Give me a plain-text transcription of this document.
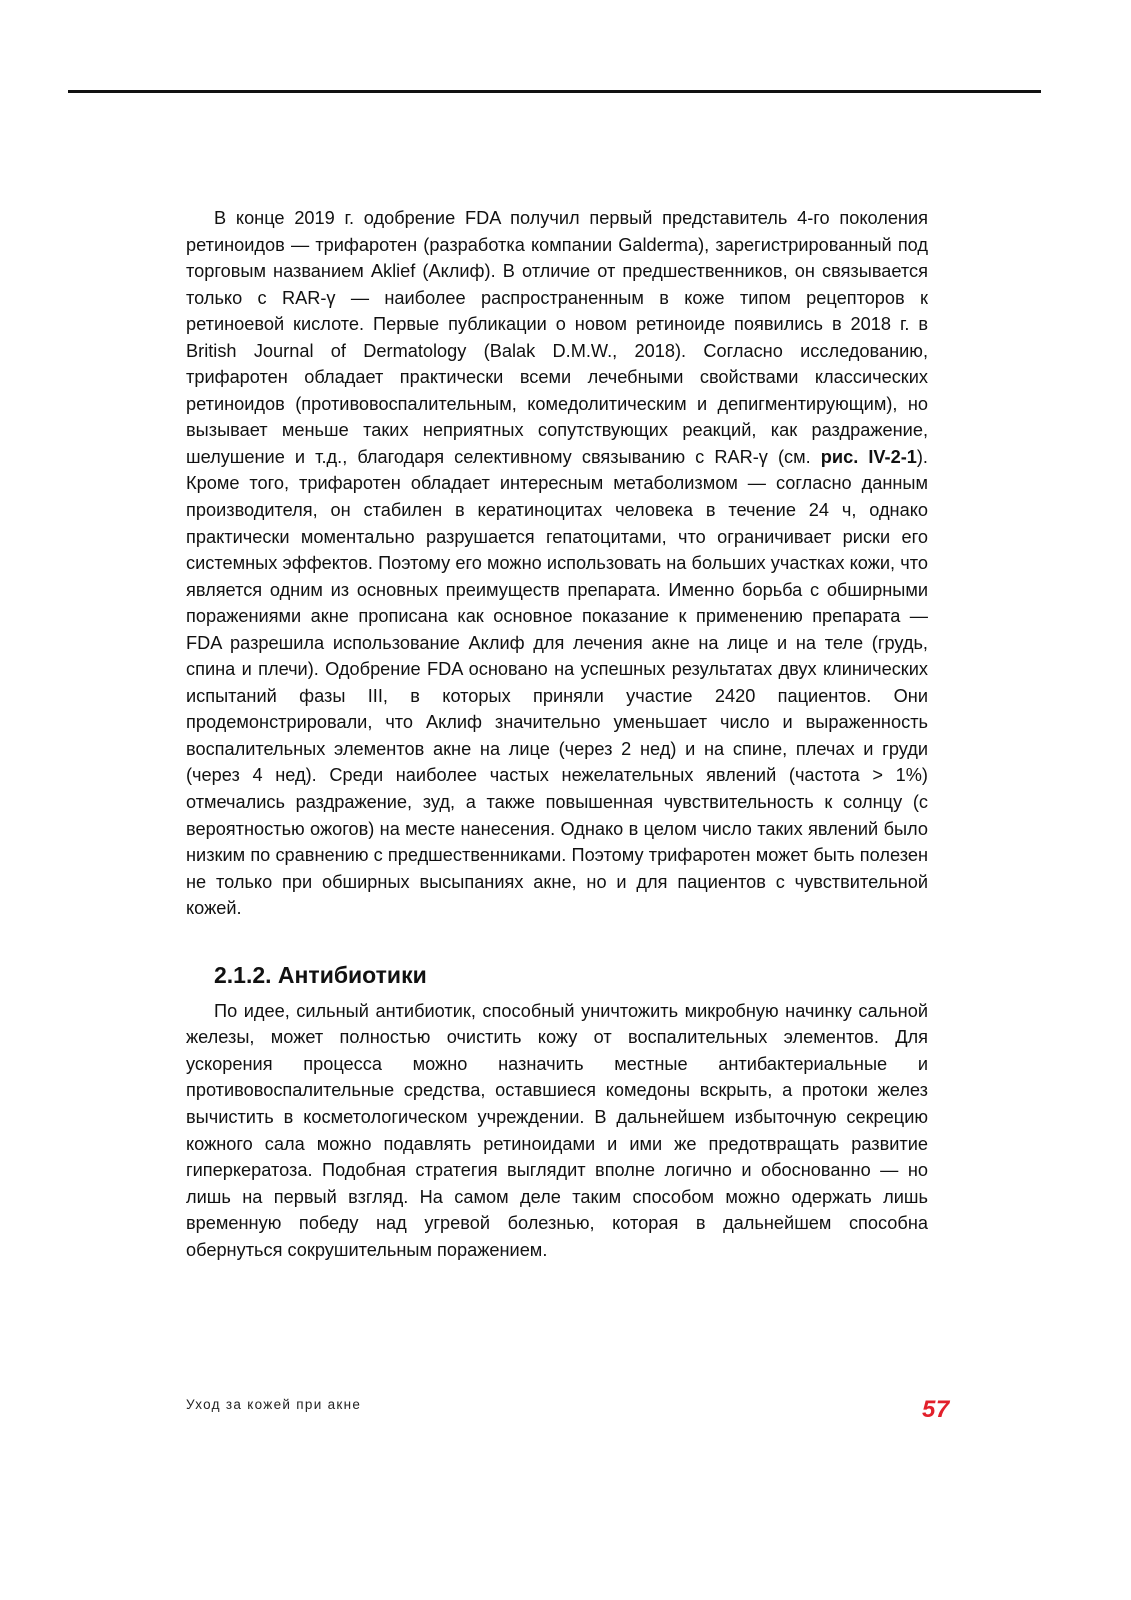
В конце 2019 г. одобрение FDA получил первый представитель 4-го поколения ретиноидов — трифаротен (разработка компании Galderma), зарегистрированный под торговым названием Aklief (Аклиф). В отличие от предшественников, он связывается только с RAR-γ — наиболее распространенным в коже типом рецепторов к ретиноевой кислоте. Первые публикации о новом ретиноиде появились в 2018 г. в British Journal of Dermatology (Balak D.M.W., 2018). Согласно исследованию, трифаротен обладает практически всеми лечебными свойствами классических ретиноидов (противовоспалительным, комедолитическим и депигментирующим), но вызывает меньше таких неприятных сопутствующих реакций, как раздражение, шелушение и т.д., благодаря селективному связыванию с RAR-γ (см. рис. IV-2-1). Кроме того, трифаротен обладает интересным метаболизмом — согласно данным производителя, он стабилен в кератиноцитах человека в течение 24 ч, однако практически моментально разрушается гепатоцитами, что ограничивает риски его системных эффектов. Поэтому его можно использовать на больших участках кожи, что является одним из основных преимуществ препарата. Именно борьба с обширными поражениями акне прописана как основное показание к применению препарата — FDA разрешила использование Аклиф для лечения акне на лице и на теле (грудь, спина и плечи). Одобрение FDA основано на успешных результатах двух клинических испытаний фазы III, в которых приняли участие 2420 пациентов. Они продемонстрировали, что Аклиф значительно уменьшает число и выраженность воспалительных элементов акне на лице (через 2 нед) и на спине, плечах и груди (через 4 нед). Среди наиболее частых нежелательных явлений (частота > 1%) отмечались раздражение, зуд, а также повышенная чувствительность к солнцу (с вероятностью ожогов) на месте нанесения. Однако в целом число таких явлений было низким по сравнению с предшественниками. Поэтому трифаротен может быть полезен не только при обширных высыпаниях акне, но и для пациентов с чувствительной кожей.

2.1.2. Антибиотики

По идее, сильный антибиотик, способный уничтожить микробную начинку сальной железы, может полностью очистить кожу от воспалительных элементов. Для ускорения процесса можно назначить местные антибактериальные и противовоспалительные средства, оставшиеся комедоны вскрыть, а протоки желез вычистить в косметологическом учреждении. В дальнейшем избыточную секрецию кожного сала можно подавлять ретиноидами и ими же предотвращать развитие гиперкератоза. Подобная стратегия выглядит вполне логично и обоснованно — но лишь на первый взгляд. На самом деле таким способом можно одержать лишь временную победу над угревой болезнью, которая в дальнейшем способна обернуться сокрушительным поражением.

Уход за кожей при акне	57
